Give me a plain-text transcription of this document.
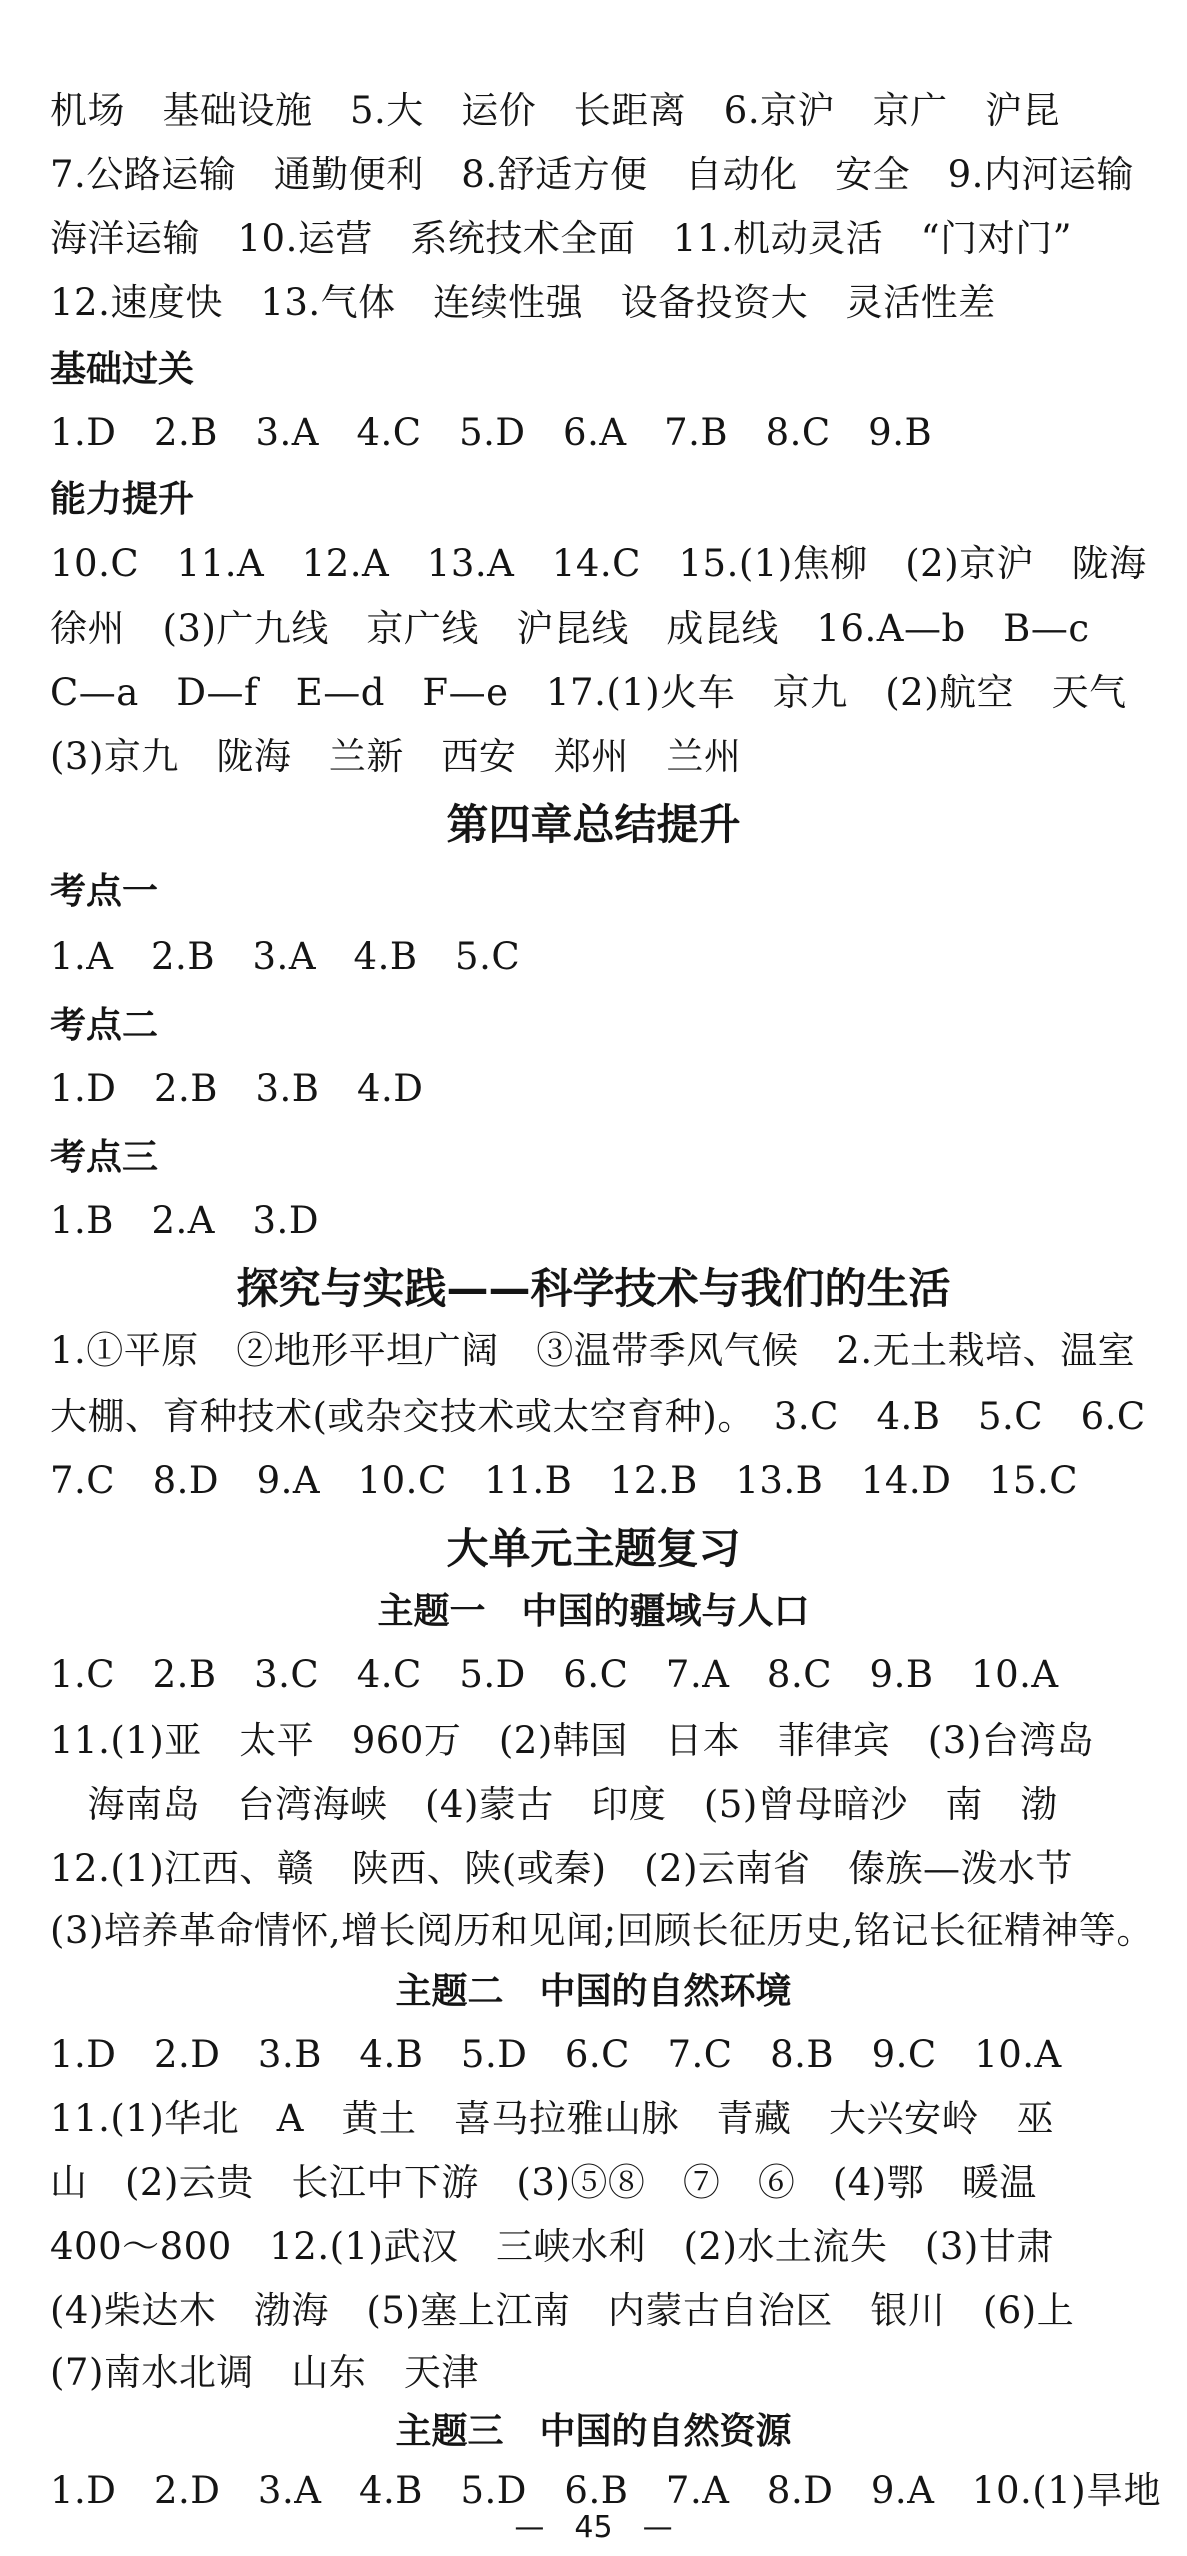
机场　基础设施　5.大　运价　长距离　6.京沪　京广　沪昆
7.公路运输　通勤便利　8.舒适方便　自动化　安全　9.内河运输
海洋运输　10.运营　系统技术全面　11.机动灵活　“门对门”
12.速度快　13.气体　连续性强　设备投资大　灵活性差
基础过关
1.D　2.B　3.A　4.C　5.D　6.A　7.B　8.C　9.B
能力提升
10.C　11.A　12.A　13.A　14.C　15.(1)焦柳　(2)京沪　陇海
徐州　(3)广九线　京广线　沪昆线　成昆线　16.A—b　B—c
C—a　D—f　E—d　F—e　17.(1)火车　京九　(2)航空　天气
(3)京九　陇海　兰新　西安　郑州　兰州
第四章总结提升
考点一
1.A　2.B　3.A　4.B　5.C
考点二
1.D　2.B　3.B　4.D
考点三
1.B　2.A　3.D
探究与实践——科学技术与我们的生活
1.①平原　②地形平坦广阔　③温带季风气候　2.无土栽培、温室
大棚、育种技术(或杂交技术或太空育种)。　3.C　4.B　5.C　6.C
7.C　8.D　9.A　10.C　11.B　12.B　13.B　14.D　15.C
大单元主题复习
主题一　中国的疆域与人口
1.C　2.B　3.C　4.C　5.D　6.C　7.A　8.C　9.B　10.A
11.(1)亚　太平　960万　(2)韩国　日本　菲律宾　(3)台湾岛
　海南岛　台湾海峡　(4)蒙古　印度　(5)曾母暗沙　南　渤
12.(1)江西、赣　陕西、陕(或秦)　(2)云南省　傣族—泼水节
(3)培养革命情怀,增长阅历和见闻;回顾长征历史,铭记长征精神等。
主题二　中国的自然环境
1.D　2.D　3.B　4.B　5.D　6.C　7.C　8.B　9.C　10.A
11.(1)华北　A　黄土　喜马拉雅山脉　青藏　大兴安岭　巫
山　(2)云贵　长江中下游　(3)⑤⑧　⑦　⑥　(4)鄂　暖温
400～800　12.(1)武汉　三峡水利　(2)水土流失　(3)甘肃
(4)柴达木　渤海　(5)塞上江南　内蒙古自治区　银川　(6)上
(7)南水北调　山东　天津
主题三　中国的自然资源
1.D　2.D　3.A　4.B　5.D　6.B　7.A　8.D　9.A　10.(1)旱地
—　45　—
